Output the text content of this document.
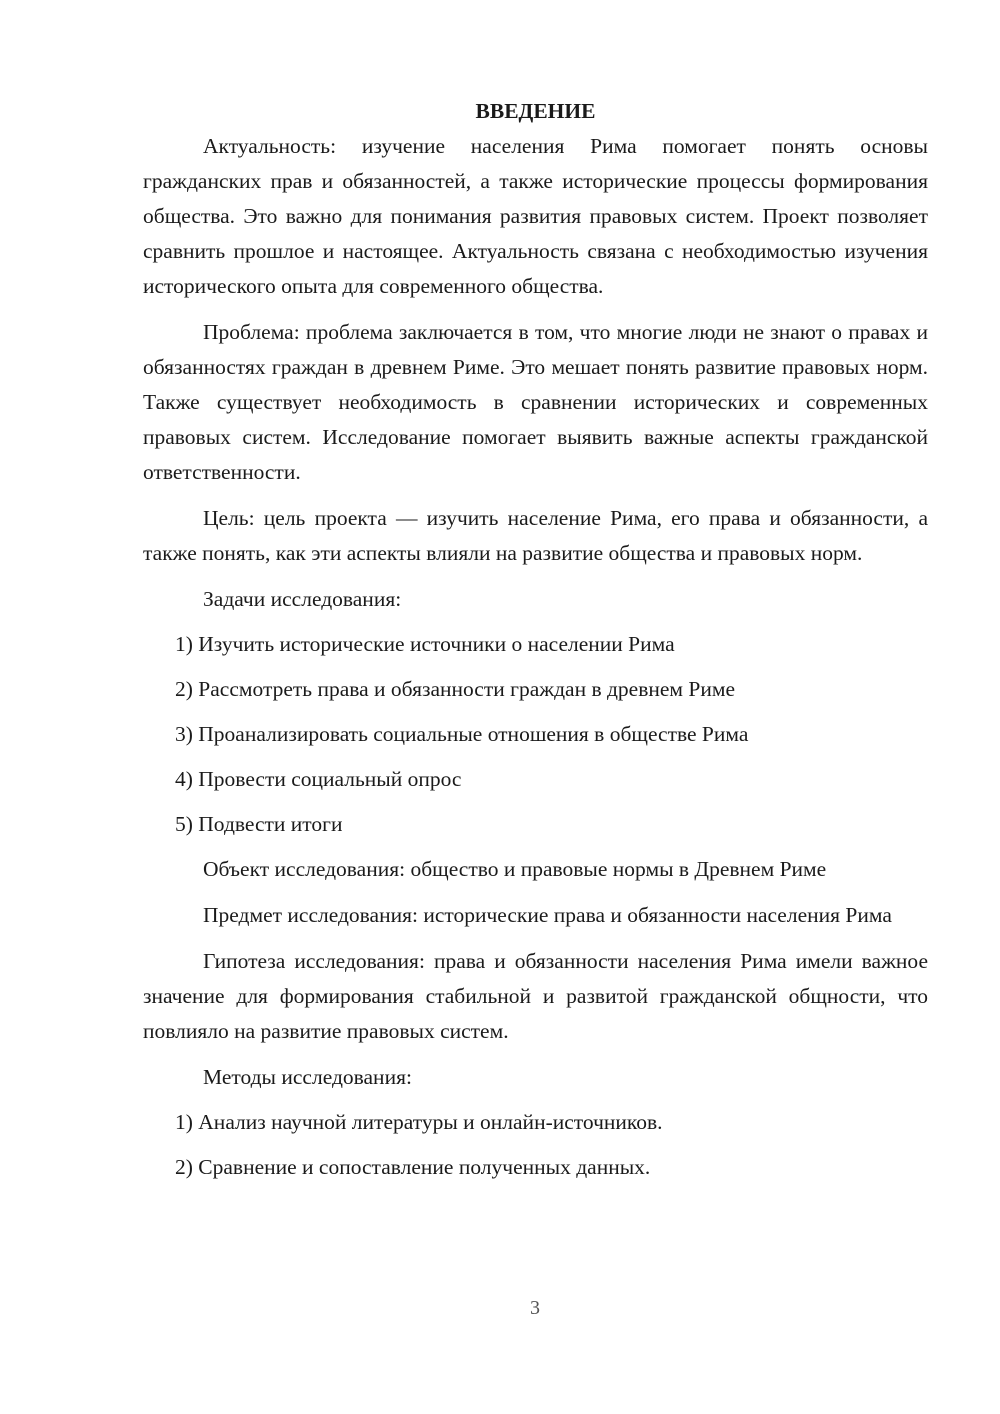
ВВЕДЕНИЕ

Актуальность: изучение населения Рима помогает понять основы гражданских прав и обязанностей, а также исторические процессы формирования общества. Это важно для понимания развития правовых систем. Проект позволяет сравнить прошлое и настоящее. Актуальность связана с необходимостью изучения исторического опыта для современного общества.

Проблема: проблема заключается в том, что многие люди не знают о правах и обязанностях граждан в древнем Риме. Это мешает понять развитие правовых норм. Также существует необходимость в сравнении исторических и современных правовых систем. Исследование помогает выявить важные аспекты гражданской ответственности.

Цель: цель проекта — изучить население Рима, его права и обязанности, а также понять, как эти аспекты влияли на развитие общества и правовых норм.

Задачи исследования:

1) Изучить исторические источники о населении Рима

2) Рассмотреть права и обязанности граждан в древнем Риме

3) Проанализировать социальные отношения в обществе Рима

4) Провести социальный опрос

5) Подвести итоги

Объект исследования: общество и правовые нормы в Древнем Риме

Предмет исследования: исторические права и обязанности населения Рима

Гипотеза исследования: права и обязанности населения Рима имели важное значение для формирования стабильной и развитой гражданской общности, что повлияло на развитие правовых систем.

Методы исследования:

1) Анализ научной литературы и онлайн-источников.

2) Сравнение и сопоставление полученных данных.

3
